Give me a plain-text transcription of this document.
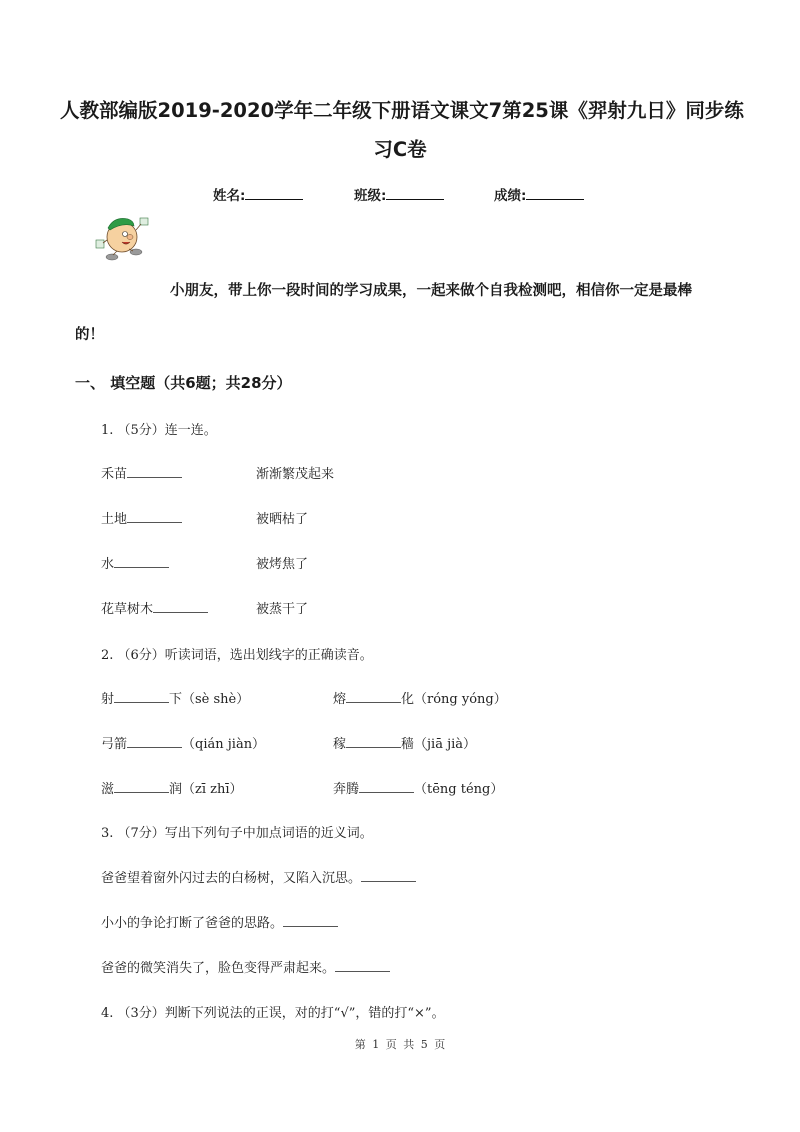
人教部编版2019-2020学年二年级下册语文课文7第25课《羿射九日》同步练
习C卷
姓名:	班级:	成绩:
小朋友，带上你一段时间的学习成果，一起来做个自我检测吧，相信你一定是最棒
的！
一、 填空题（共6题；共28分）
1. （5分）连一连。
禾苗	渐渐繁茂起来
土地	被晒枯了
水	被烤焦了
花草树木	被蒸干了
2. （6分）听读词语，选出划线字的正确读音。
射	下（sè shè）	熔	化（róng yóng）
弓箭	（qián jiàn）	稼	穑（jiā jià）
滋	润（zī zhī）	奔腾	（tēng téng）
3. （7分）写出下列句子中加点词语的近义词。
爸爸望着窗外闪过去的白杨树，又陷入沉思。
小小的争论打断了爸爸的思路。
爸爸的微笑消失了，脸色变得严肃起来。
4. （3分）判断下列说法的正误，对的打“√”，错的打“×”。
第 1 页 共 5 页
